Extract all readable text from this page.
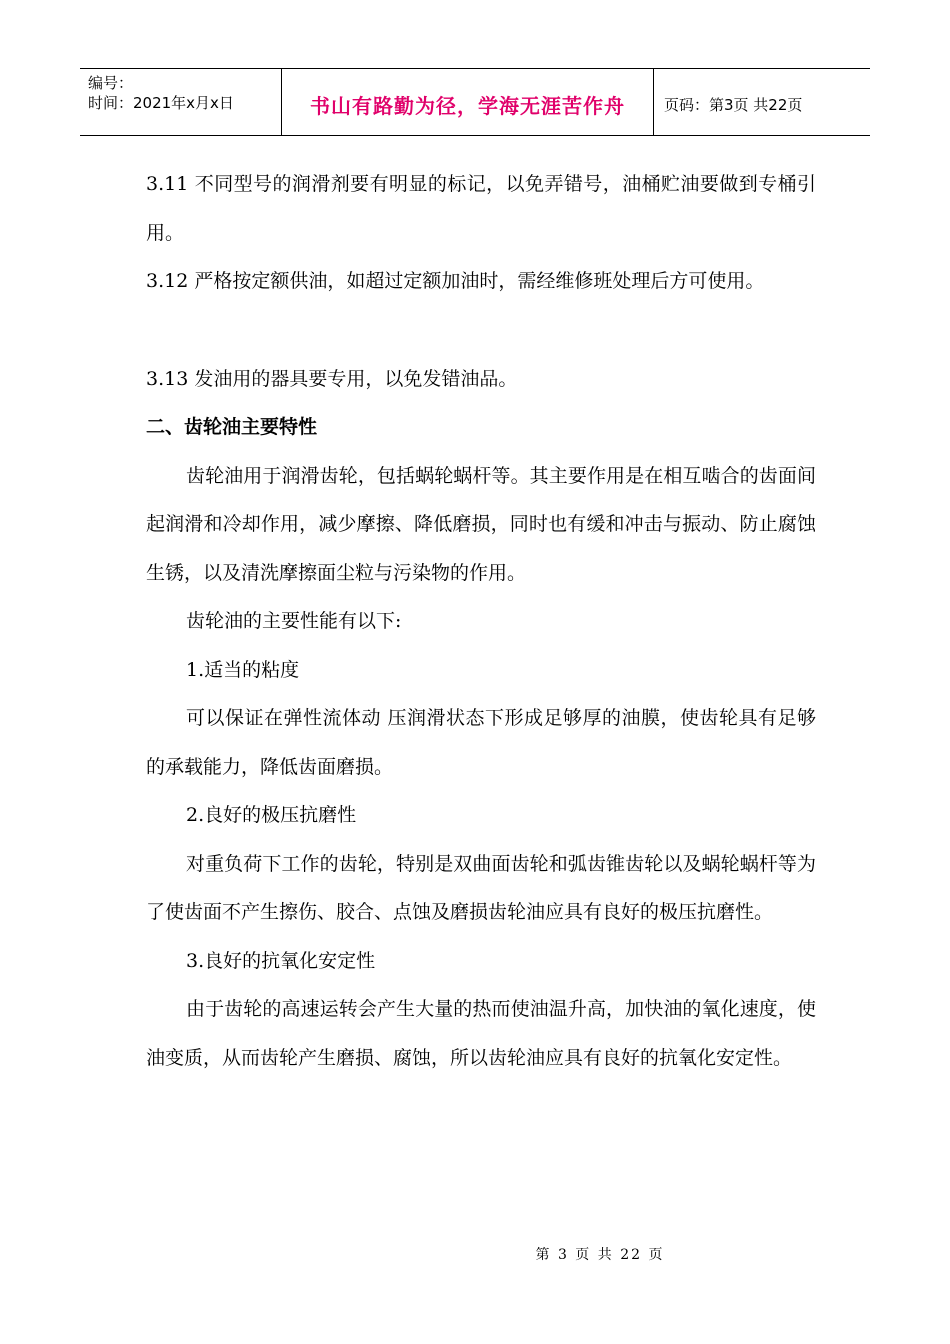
编号：
时间：2021年x月x日	书山有路勤为径，学海无涯苦作舟	页码：第3页 共22页

3.11 不同型号的润滑剂要有明显的标记，以免弄错号，油桶贮油要做到专桶引用。

3.12 严格按定额供油，如超过定额加油时，需经维修班处理后方可使用。

3.13 发油用的器具要专用，以免发错油品。

二、齿轮油主要特性

齿轮油用于润滑齿轮，包括蜗轮蜗杆等。其主要作用是在相互啮合的齿面间起润滑和冷却作用，减少摩擦、降低磨损，同时也有缓和冲击与振动、防止腐蚀生锈，以及清洗摩擦面尘粒与污染物的作用。

齿轮油的主要性能有以下:

1.适当的粘度

可以保证在弹性流体动 压润滑状态下形成足够厚的油膜，使齿轮具有足够的承载能力，降低齿面磨损。

2.良好的极压抗磨性

对重负荷下工作的齿轮，特别是双曲面齿轮和弧齿锥齿轮以及蜗轮蜗杆等为了使齿面不产生擦伤、胶合、点蚀及磨损齿轮油应具有良好的极压抗磨性。

3.良好的抗氧化安定性

由于齿轮的高速运转会产生大量的热而使油温升高，加快油的氧化速度，使油变质，从而齿轮产生磨损、腐蚀，所以齿轮油应具有良好的抗氧化安定性。

第 3 页 共 22 页
